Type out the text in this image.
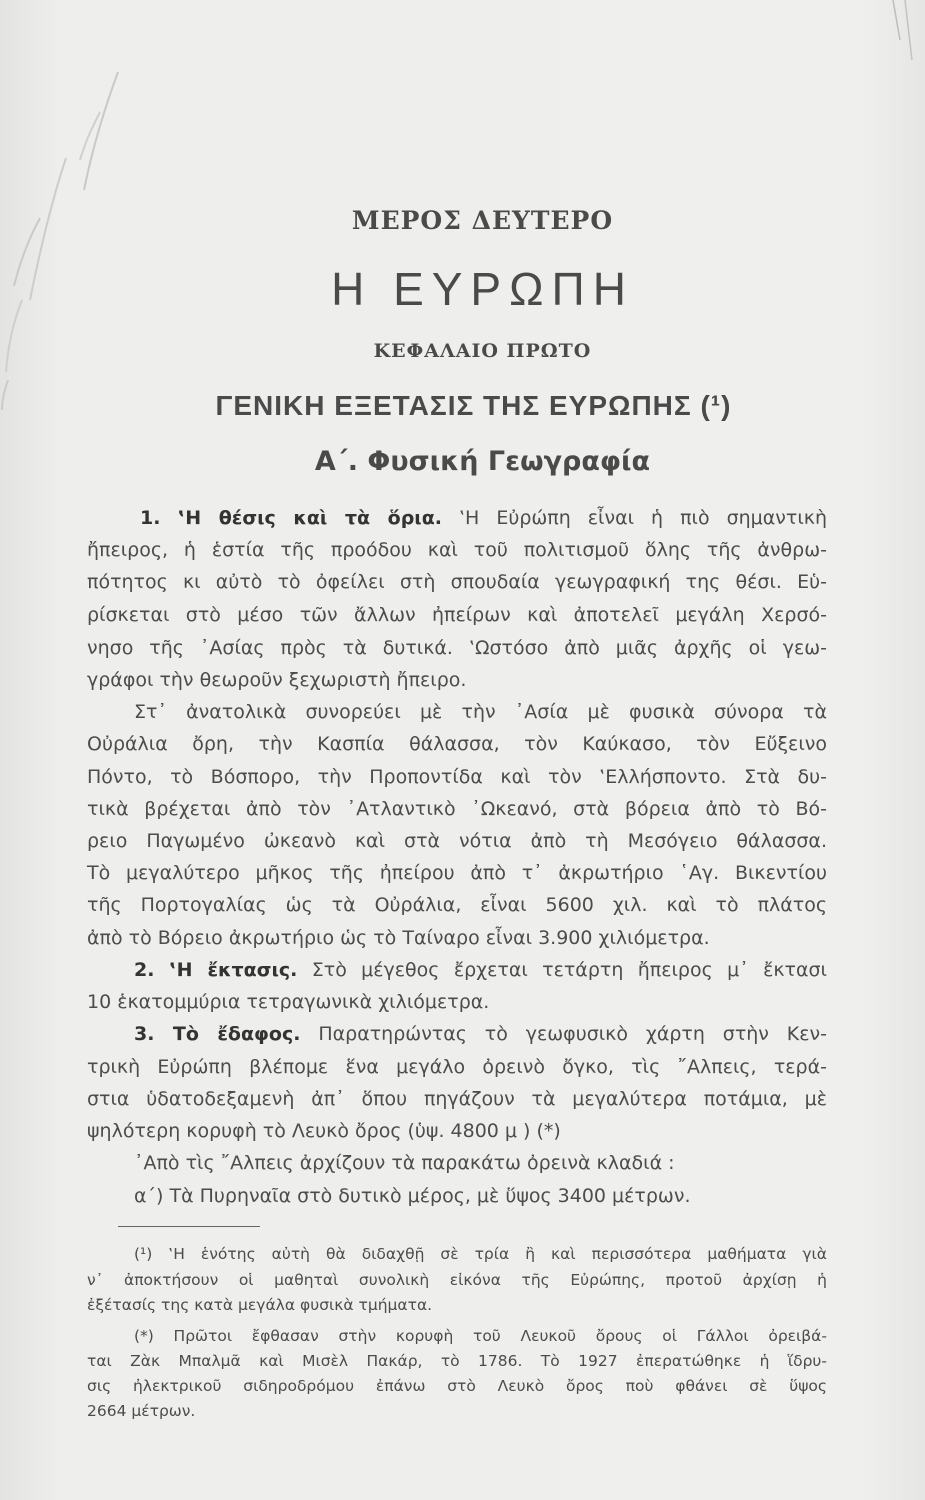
ΜΕΡΟΣ ΔΕΥΤΕΡΟ
Η ΕΥΡΩΠΗ
ΚΕΦΑΛΑΙΟ ΠΡΩΤΟ
ΓΕΝΙΚΗ ΕΞΕΤΑΣΙΣ ΤΗΣ ΕΥΡΩΠΗΣ (¹)
Α΄. Φυσική Γεωγραφία

1. ‛Η θέσις καὶ τὰ ὅρια. ‛Η Εὐρώπη εἶναι ἡ πιὸ σημαντικὴ

ἤπειρος, ἡ ἑστία τῆς προόδου καὶ τοῦ πολιτισμοῦ ὅλης τῆς ἀνθρω-

πότητος κι αὐτὸ τὸ ὀφείλει στὴ σπουδαία γεωγραφική της θέσι. Εὑ-

ρίσκεται στὸ μέσο τῶν ἄλλων ἠπείρων καὶ ἀποτελεῖ μεγάλη Χερσό-

νησο τῆς ᾿Ασίας πρὸς τὰ δυτικά. ‛Ωστόσο ἀπὸ μιᾶς ἀρχῆς οἱ γεω-

γράφοι τὴν θεωροῦν ξεχωριστὴ ἤπειρο.

Στ᾿ ἀνατολικὰ συνορεύει μὲ τὴν ᾿Ασία μὲ φυσικὰ σύνορα τὰ

Οὐράλια ὄρη, τὴν Κασπία θάλασσα, τὸν Καύκασο, τὸν Εὔξεινο

Πόντο, τὸ Βόσπορο, τὴν Προποντίδα καὶ τὸν ‛Ελλήσποντο. Στὰ δυ-

τικὰ βρέχεται ἀπὸ τὸν ᾿Ατλαντικὸ ᾿Ωκεανό, στὰ βόρεια ἀπὸ τὸ Βό-

ρειο Παγωμένο ὠκεανὸ καὶ στὰ νότια ἀπὸ τὴ Μεσόγειο θάλασσα.

Τὸ μεγαλύτερο μῆκος τῆς ἠπείρου ἀπὸ τ᾿ ἀκρωτήριο ῾Αγ. Βικεντίου

τῆς Πορτογαλίας ὡς τὰ Οὐράλια, εἶναι 5600 χιλ. καὶ τὸ πλάτος

ἀπὸ τὸ Βόρειο ἀκρωτήριο ὡς τὸ Ταίναρο εἶναι 3.900 χιλιόμετρα.

2. ‛Η ἔκτασις. Στὸ μέγεθος ἔρχεται τετάρτη ἤπειρος μ᾿ ἔκτασι

10 ἑκατομμύρια τετραγωνικὰ χιλιόμετρα.

3. Τὸ ἔδαφος. Παρατηρώντας τὸ γεωφυσικὸ χάρτη στὴν Κεν-

τρικὴ Εὐρώπη βλέπομε ἕνα μεγάλο ὀρεινὸ ὄγκο, τὶς ῎Αλπεις, τερά-

στια ὑδατοδεξαμενὴ ἀπ᾿ ὅπου πηγάζουν τὰ μεγαλύτερα ποτάμια, μὲ

ψηλότερη κορυφὴ τὸ Λευκὸ ὄρος (ὑψ. 4800 μ ) (*)

᾿Απὸ τὶς ῎Αλπεις ἀρχίζουν τὰ παρακάτω ὀρεινὰ κλαδιά :

α΄) Τὰ Πυρηναῖα στὸ δυτικὸ μέρος, μὲ ὕψος 3400 μέτρων.

(¹) ‛Η ἑνότης αὐτὴ θὰ διδαχθῇ σὲ τρία ἢ καὶ περισσότερα μαθήματα γιὰ

ν᾿ ἀποκτήσουν οἱ μαθηταὶ συνολικὴ εἰκόνα τῆς Εὐρώπης, προτοῦ ἀρχίσῃ ἡ

ἐξέτασίς της κατὰ μεγάλα φυσικὰ τμήματα.

(*) Πρῶτοι ἔφθασαν στὴν κορυφὴ τοῦ Λευκοῦ ὄρους οἱ Γάλλοι ὀρειβά-

ται Ζὰκ Μπαλμᾶ καὶ Μισὲλ Πακάρ, τὸ 1786. Τὸ 1927 ἐπερατώθηκε ἡ ἵδρυ-

σις ἠλεκτρικοῦ σιδηροδρόμου ἐπάνω στὸ Λευκὸ ὄρος ποὺ φθάνει σὲ ὕψος

2664 μέτρων.
